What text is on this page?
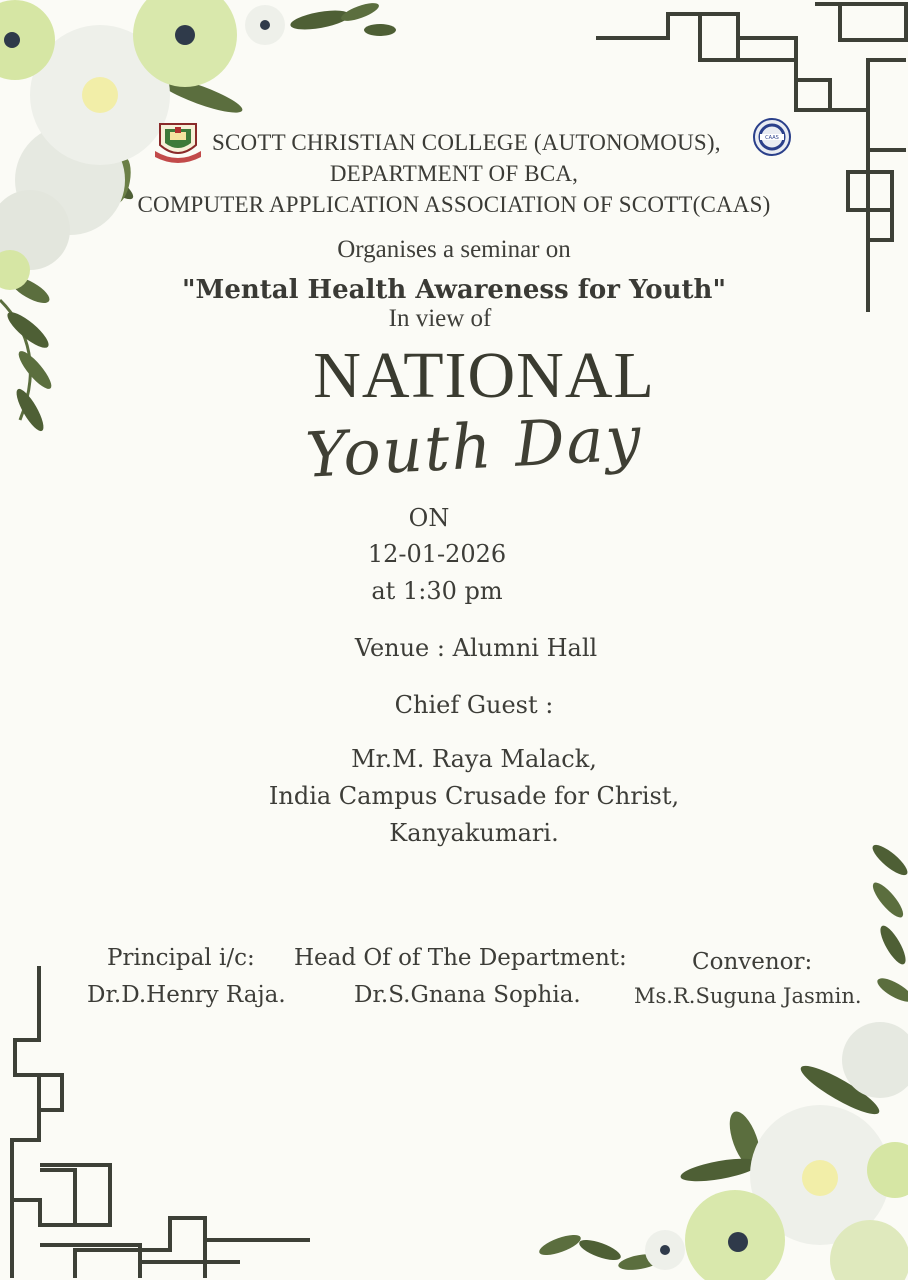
CAAS
SCOTT CHRISTIAN COLLEGE (AUTONOMOUS),
DEPARTMENT OF BCA,
COMPUTER APPLICATION ASSOCIATION OF SCOTT(CAAS)
Organises a seminar on
"Mental Health Awareness for Youth"
In view of
NATIONAL
Youth Day
ON
12-01-2026
at 1:30 pm
Venue : Alumni Hall
Chief Guest :
Mr.M. Raya Malack,
India Campus Crusade for Christ,
Kanyakumari.
Principal i/c:
Dr.D.Henry Raja.
Head Of of The Department:
Dr.S.Gnana Sophia.
Convenor:
Ms.R.Suguna Jasmin.
